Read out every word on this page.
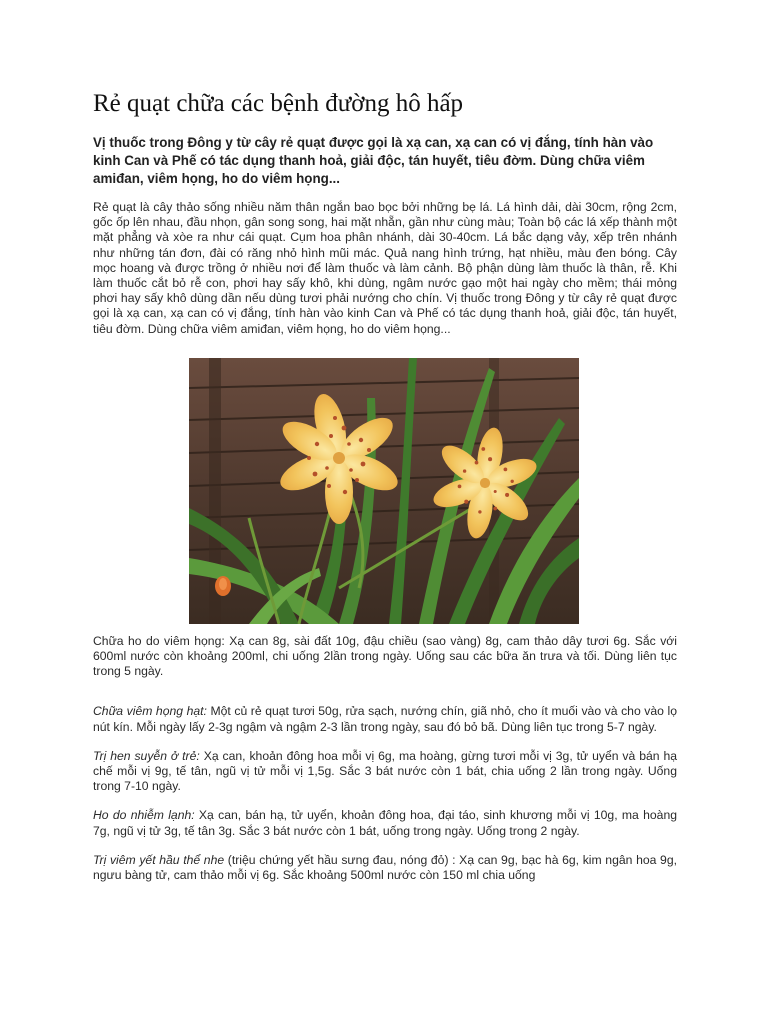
Rẻ quạt chữa các bệnh đường hô hấp

Vị thuốc trong Đông y từ cây rẻ quạt được gọi là xạ can, xạ can có vị đắng, tính hàn vào kinh Can và Phế có tác dụng thanh hoả, giải độc, tán huyết, tiêu đờm. Dùng chữa viêm amiđan, viêm họng, ho do viêm họng...

Rẻ quạt là cây thảo sống nhiều năm thân ngắn bao bọc bởi những bẹ lá. Lá hình dải, dài 30cm, rộng 2cm, gốc ốp lên nhau, đầu nhọn, gân song song, hai mặt nhẵn, gần như cùng màu; Toàn bộ các lá xếp thành một mặt phẳng và xòe ra như cái quạt. Cụm hoa phân nhánh, dài 30-40cm. Lá bắc dạng vảy, xếp trên nhánh như những tán đơn, đài có răng nhỏ hình mũi mác. Quả nang hình trứng, hạt nhiều, màu đen bóng. Cây mọc hoang và được trồng ở nhiều nơi để làm thuốc và làm cảnh. Bộ phận dùng làm thuốc là thân, rễ. Khi làm thuốc cắt bỏ rễ con, phơi hay sấy khô, khi dùng, ngâm nước gạo một hai ngày cho mềm; thái mỏng phơi hay sấy khô dùng dần nếu dùng tươi phải nướng cho chín. Vị thuốc trong Đông y từ cây rẻ quạt được gọi là xạ can, xạ can có vị đắng, tính hàn vào kinh Can và Phế có tác dụng thanh hoả, giải độc, tán huyết, tiêu đờm. Dùng chữa viêm amiđan, viêm họng, ho do viêm họng...

Chữa ho do viêm họng: Xạ can 8g, sài đất 10g, đậu chiều (sao vàng) 8g, cam thảo dây tươi 6g. Sắc với 600ml nước còn khoảng 200ml, chi uống 2lần trong ngày. Uống sau các bữa ăn trưa và tối. Dùng liên tục trong 5 ngày.

Chữa viêm họng hạt: Một củ rẻ quạt tươi 50g, rửa sạch, nướng chín, giã nhỏ, cho ít muối vào và cho vào lọ nút kín. Mỗi ngày lấy 2-3g ngậm và ngậm 2-3 lần trong ngày, sau đó bỏ bã. Dùng liên tục trong 5-7 ngày.

Trị hen suyễn ở trẻ: Xạ can, khoản đông hoa mỗi vị 6g, ma hoàng, gừng tươi mỗi vị 3g, tử uyển và bán hạ chế mỗi vị 9g, tế tân, ngũ vị tử mỗi vị 1,5g. Sắc 3 bát nước còn 1 bát, chia uống 2 lần trong ngày. Uống trong 7-10 ngày.

Ho do nhiễm lạnh: Xạ can, bán hạ, tử uyển, khoản đông hoa, đại táo, sinh khương mỗi vị 10g, ma hoàng 7g, ngũ vị tử 3g, tế tân 3g. Sắc 3 bát nước còn 1 bát, uống trong ngày. Uống trong 2 ngày.

Trị viêm yết hầu thể nhe (triệu chứng yết hầu sưng đau, nóng đỏ) : Xạ can 9g, bạc hà 6g, kim ngân hoa 9g, ngưu bàng tử, cam thảo mỗi vị 6g. Sắc khoảng 500ml nước còn 150 ml chia uống
